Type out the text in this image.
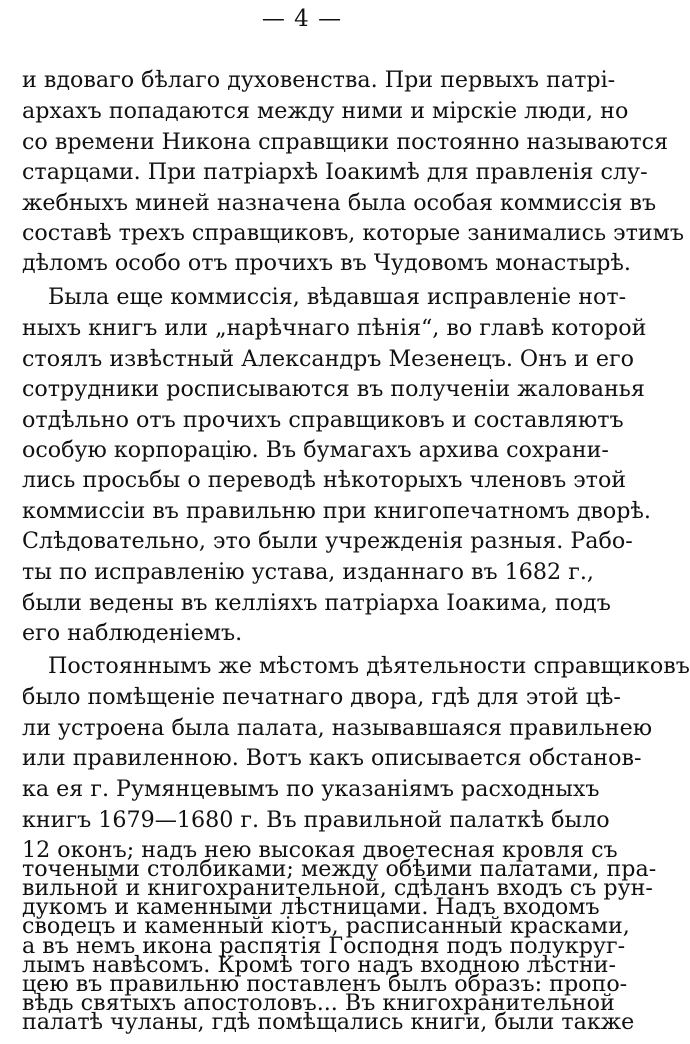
— 4 —
и вдоваго бѣлаго духовенства. При первыхъ патрі-
архахъ попадаются между ними и мірскіе люди, но
со времени Никона справщики постоянно называются
старцами. При патріархѣ Іоакимѣ для правленія слу-
жебныхъ миней назначена была особая коммиссія въ
составѣ трехъ справщиковъ, которые занимались этимъ
дѣломъ особо отъ прочихъ въ Чудовомъ монастырѣ.
Была еще коммиссія, вѣдавшая исправленіе нот-
ныхъ книгъ или „нарѣчнаго пѣнія“, во главѣ которой
стоялъ извѣстный Александръ Мезенецъ. Онъ и его
сотрудники росписываются въ полученіи жалованья
отдѣльно отъ прочихъ справщиковъ и составляютъ
особую корпорацію. Въ бумагахъ архива сохрани-
лись просьбы о переводѣ нѣкоторыхъ членовъ этой
коммиссіи въ правильню при книгопечатномъ дворѣ.
Слѣдовательно, это были учрежденія разныя. Рабо-
ты по исправленію устава, изданнаго въ 1682 г.,
были ведены въ келліяхъ патріарха Іоакима, подъ
его наблюденіемъ.
Постояннымъ же мѣстомъ дѣятельности справщиковъ
было помѣщеніе печатнаго двора, гдѣ для этой цѣ-
ли устроена была палата, называвшаяся правильнею
или правиленною. Вотъ какъ описывается обстанов-
ка ея г. Румянцевымъ по указаніямъ расходныхъ
книгъ 1679—1680 г. Въ правильной палаткѣ было
12 оконъ; надъ нею высокая двоетесная кровля съ
точеными столбиками; между обѣими палатами, пра-
вильной и книгохранительной, сдѣланъ входъ съ рун-
дукомъ и каменными лѣстницами. Надъ входомъ
сводецъ и каменный кіотъ, расписанный красками,
а въ немъ икона распятія Господня подъ полукруг-
лымъ навѣсомъ. Кромѣ того надъ входною лѣстни-
цею въ правильню поставленъ былъ образъ: пропо-
вѣдь святыхъ апостоловъ... Въ книгохранительной
палатѣ чуланы, гдѣ помѣщались книги, были также
